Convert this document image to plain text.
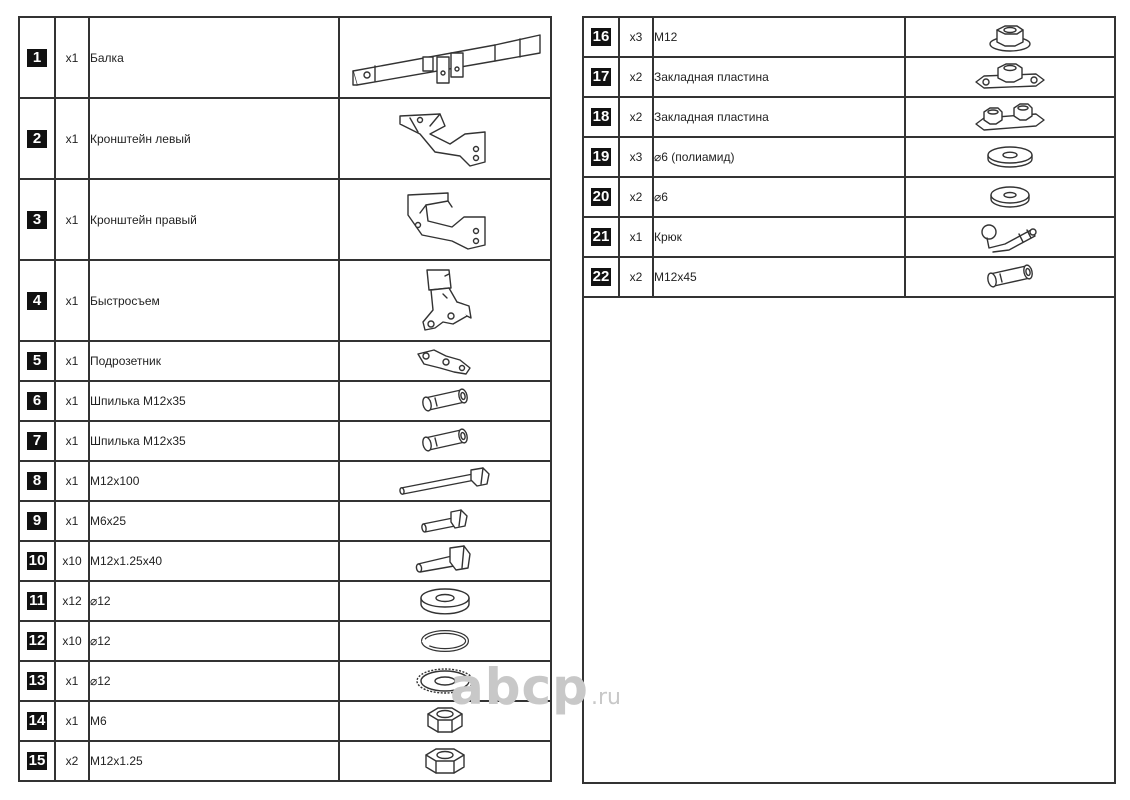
1	x1	Балка	

2	x1	Кронштейн левый	

3	x1	Кронштейн правый	

4	x1	Быстросъем	

5	x1	Подрозетник	

6	x1	Шпилька М12х35	

7	x1	Шпилька М12х35	

8	x1	М12х100	

9	x1	М6х25	

10	x10	М12х1.25х40	

11	x12	⌀12	

12	x10	⌀12	

13	x1	⌀12	

14	x1	М6	

15	x2	М12х1.25	
16	x3	М12	

17	x2	Закладная пластина	

18	x2	Закладная пластина	

19	x3	⌀6 (полиамид)	

20	x2	⌀6	

21	x1	Крюк	

22	x2	М12х45	

abcp .ru
